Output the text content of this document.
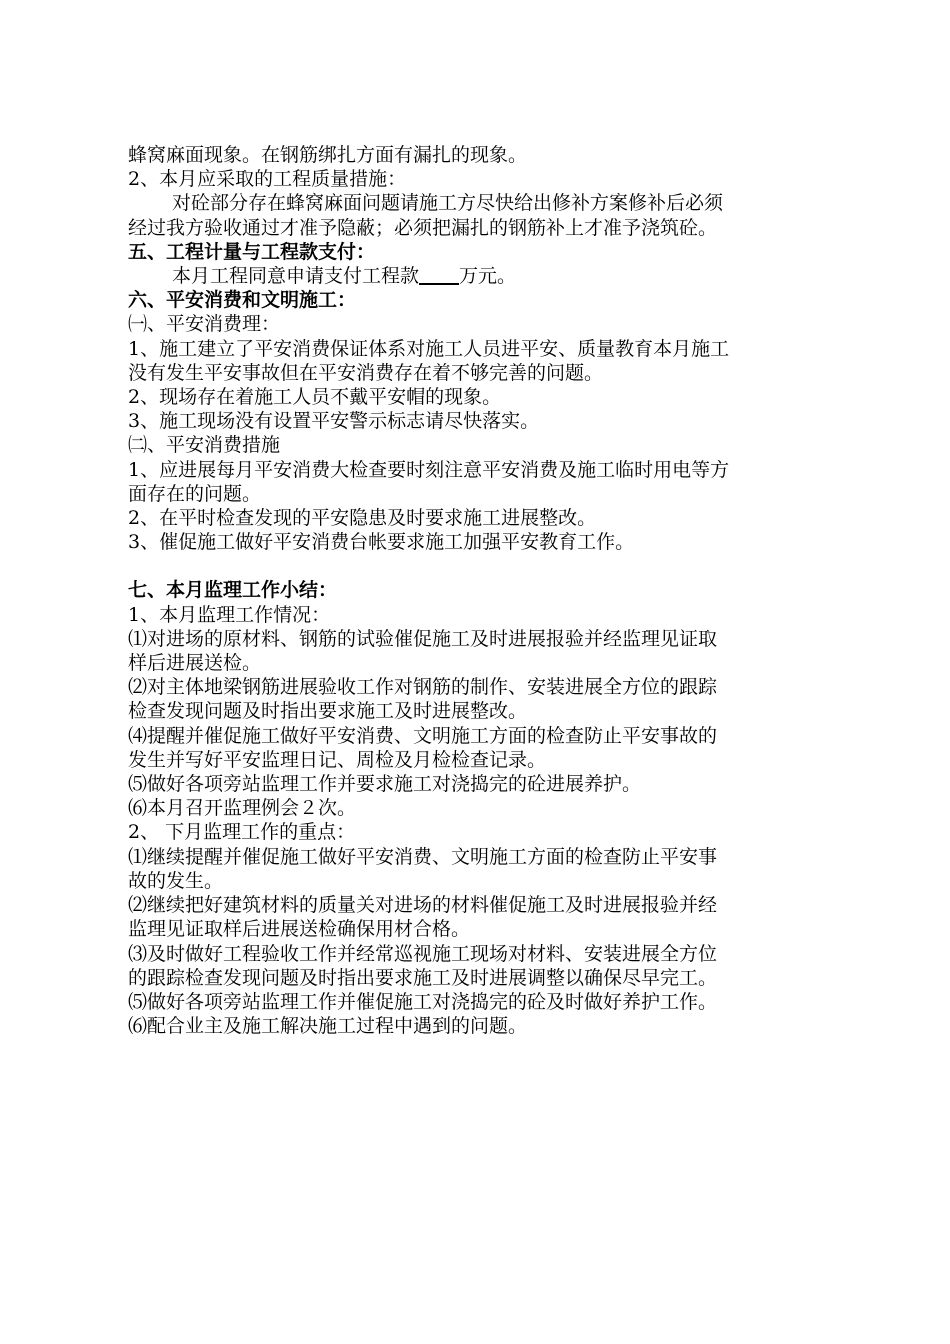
蜂窝麻面现象。在钢筋绑扎方面有漏扎的现象。
2、本月应采取的工程质量措施：
对砼部分存在蜂窝麻面问题请施工方尽快给出修补方案修补后必须
经过我方验收通过才准予隐蔽；必须把漏扎的钢筋补上才准予浇筑砼。
五、工程计量与工程款支付：
本月工程同意申请支付工程款 万元。
六、平安消费和文明施工：
㈠、平安消费理：
1、施工建立了平安消费保证体系对施工人员进平安、质量教育本月施工
没有发生平安事故但在平安消费存在着不够完善的问题。
2、现场存在着施工人员不戴平安帽的现象。
3、施工现场没有设置平安警示标志请尽快落实。
㈡、平安消费措施
1、应进展每月平安消费大检查要时刻注意平安消费及施工临时用电等方
面存在的问题。
2、在平时检查发现的平安隐患及时要求施工进展整改。
3、催促施工做好平安消费台帐要求施工加强平安教育工作。
七、本月监理工作小结：
1、本月监理工作情况：
⑴对进场的原材料、钢筋的试验催促施工及时进展报验并经监理见证取
样后进展送检。
⑵对主体地梁钢筋进展验收工作对钢筋的制作、安装进展全方位的跟踪
检查发现问题及时指出要求施工及时进展整改。
⑷提醒并催促施工做好平安消费、文明施工方面的检查防止平安事故的
发生并写好平安监理日记、周检及月检检查记录。
⑸做好各项旁站监理工作并要求施工对浇捣完的砼进展养护。
⑹本月召开监理例会２次。
2、 下月监理工作的重点：
⑴继续提醒并催促施工做好平安消费、文明施工方面的检查防止平安事
故的发生。
⑵继续把好建筑材料的质量关对进场的材料催促施工及时进展报验并经
监理见证取样后进展送检确保用材合格。
⑶及时做好工程验收工作并经常巡视施工现场对材料、安装进展全方位
的跟踪检查发现问题及时指出要求施工及时进展调整以确保尽早完工。
⑸做好各项旁站监理工作并催促施工对浇捣完的砼及时做好养护工作。
⑹配合业主及施工解决施工过程中遇到的问题。
